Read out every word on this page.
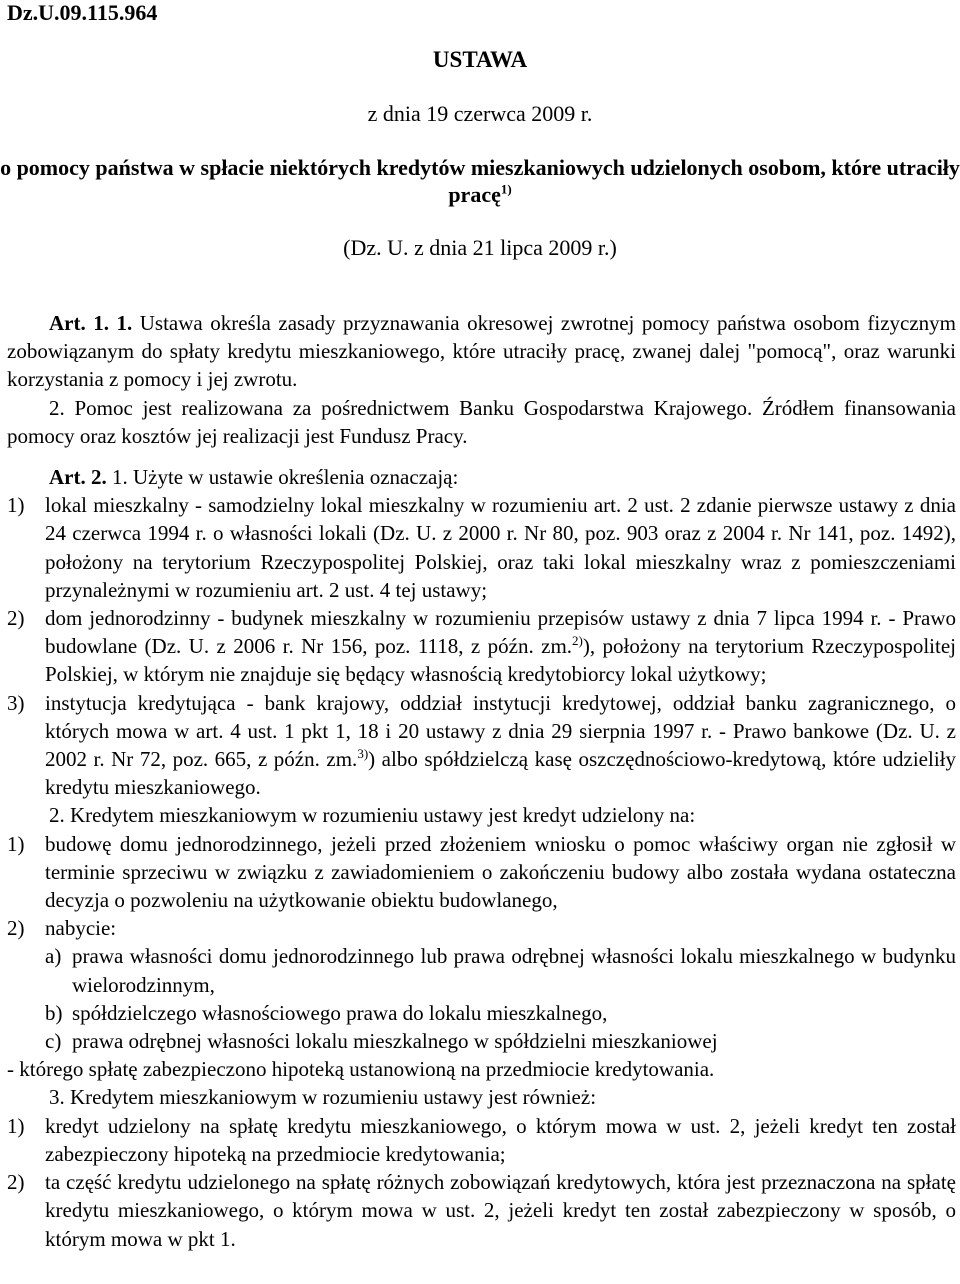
Dz.U.09.115.964
USTAWA
z dnia 19 czerwca 2009 r.
o pomocy państwa w spłacie niektórych kredytów mieszkaniowych udzielonych osobom, które utraciły pracę$^{1)}$
(Dz. U. z dnia 21 lipca 2009 r.)

Art. 1. 1. Ustawa określa zasady przyznawania okresowej zwrotnej pomocy państwa osobom fizycznym zobowiązanym do spłaty kredytu mieszkaniowego, które utraciły pracę, zwanej dalej "pomocą", oraz warunki korzystania z pomocy i jej zwrotu.

2. Pomoc jest realizowana za pośrednictwem Banku Gospodarstwa Krajowego. Źródłem finansowania pomocy oraz kosztów jej realizacji jest Fundusz Pracy.

Art. 2. 1. Użyte w ustawie określenia oznaczają:

1) lokal mieszkalny - samodzielny lokal mieszkalny w rozumieniu art. 2 ust. 2 zdanie pierwsze ustawy z dnia 24 czerwca 1994 r. o własności lokali (Dz. U. z 2000 r. Nr 80, poz. 903 oraz z 2004 r. Nr 141, poz. 1492), położony na terytorium Rzeczypospolitej Polskiej, oraz taki lokal mieszkalny wraz z pomieszczeniami przynależnymi w rozumieniu art. 2 ust. 4 tej ustawy;
2) dom jednorodzinny - budynek mieszkalny w rozumieniu przepisów ustawy z dnia 7 lipca 1994 r. - Prawo budowlane (Dz. U. z 2006 r. Nr 156, poz. 1118, z późn. zm.$^{2)}$), położony na terytorium Rzeczypospolitej Polskiej, w którym nie znajduje się będący własnością kredytobiorcy lokal użytkowy;
3) instytucja kredytująca - bank krajowy, oddział instytucji kredytowej, oddział banku zagranicznego, o których mowa w art. 4 ust. 1 pkt 1, 18 i 20 ustawy z dnia 29 sierpnia 1997 r. - Prawo bankowe (Dz. U. z 2002 r. Nr 72, poz. 665, z późn. zm.$^{3)}$) albo spółdzielczą kasę oszczędnościowo-kredytową, które udzieliły kredytu mieszkaniowego.

2. Kredytem mieszkaniowym w rozumieniu ustawy jest kredyt udzielony na:

1) budowę domu jednorodzinnego, jeżeli przed złożeniem wniosku o pomoc właściwy organ nie zgłosił w terminie sprzeciwu w związku z zawiadomieniem o zakończeniu budowy albo została wydana ostateczna decyzja o pozwoleniu na użytkowanie obiektu budowlanego,
2) nabycie:
a) prawa własności domu jednorodzinnego lub prawa odrębnej własności lokalu mieszkalnego w budynku wielorodzinnym,
b) spółdzielczego własnościowego prawa do lokalu mieszkalnego,
c) prawa odrębnej własności lokalu mieszkalnego w spółdzielni mieszkaniowej

- którego spłatę zabezpieczono hipoteką ustanowioną na przedmiocie kredytowania.

3. Kredytem mieszkaniowym w rozumieniu ustawy jest również:

1) kredyt udzielony na spłatę kredytu mieszkaniowego, o którym mowa w ust. 2, jeżeli kredyt ten został zabezpieczony hipoteką na przedmiocie kredytowania;
2) ta część kredytu udzielonego na spłatę różnych zobowiązań kredytowych, która jest przeznaczona na spłatę kredytu mieszkaniowego, o którym mowa w ust. 2, jeżeli kredyt ten został zabezpieczony w sposób, o którym mowa w pkt 1.
